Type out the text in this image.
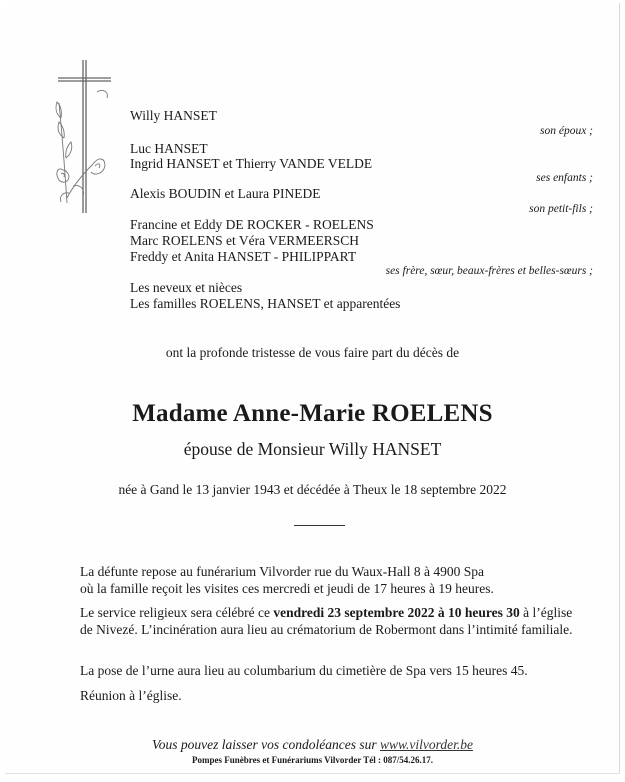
Willy HANSET
son époux ;
Luc HANSET
Ingrid HANSET et Thierry VANDE VELDE
ses enfants ;
Alexis BOUDIN et Laura PINEDE
son petit-fils ;
Francine et Eddy DE ROCKER - ROELENS
Marc ROELENS et Véra VERMEERSCH
Freddy et Anita HANSET - PHILIPPART
ses frère, sœur, beaux-frères et belles-sœurs ;
Les neveux et nièces
Les familles ROELENS, HANSET et apparentées
ont la profonde tristesse de vous faire part du décès de
Madame Anne-Marie ROELENS
épouse de Monsieur Willy HANSET
née à Gand le 13 janvier 1943 et décédée à Theux le 18 septembre 2022
La défunte repose au funérarium Vilvorder rue du Waux-Hall 8 à 4900 Spa
où la famille reçoit les visites ces mercredi et jeudi de 17 heures à 19 heures.
Le service religieux sera célébré ce vendredi 23 septembre 2022 à 10 heures 30 à l’église de Nivezé. L’incinération aura lieu au crématorium de Robermont dans l’intimité familiale.
La pose de l’urne aura lieu au columbarium du cimetière de Spa vers 15 heures 45.
Réunion à l’église.
Vous pouvez laisser vos condoléances sur www.vilvorder.be
Pompes Funèbres et Funérariums Vilvorder Tél : 087/54.26.17.
